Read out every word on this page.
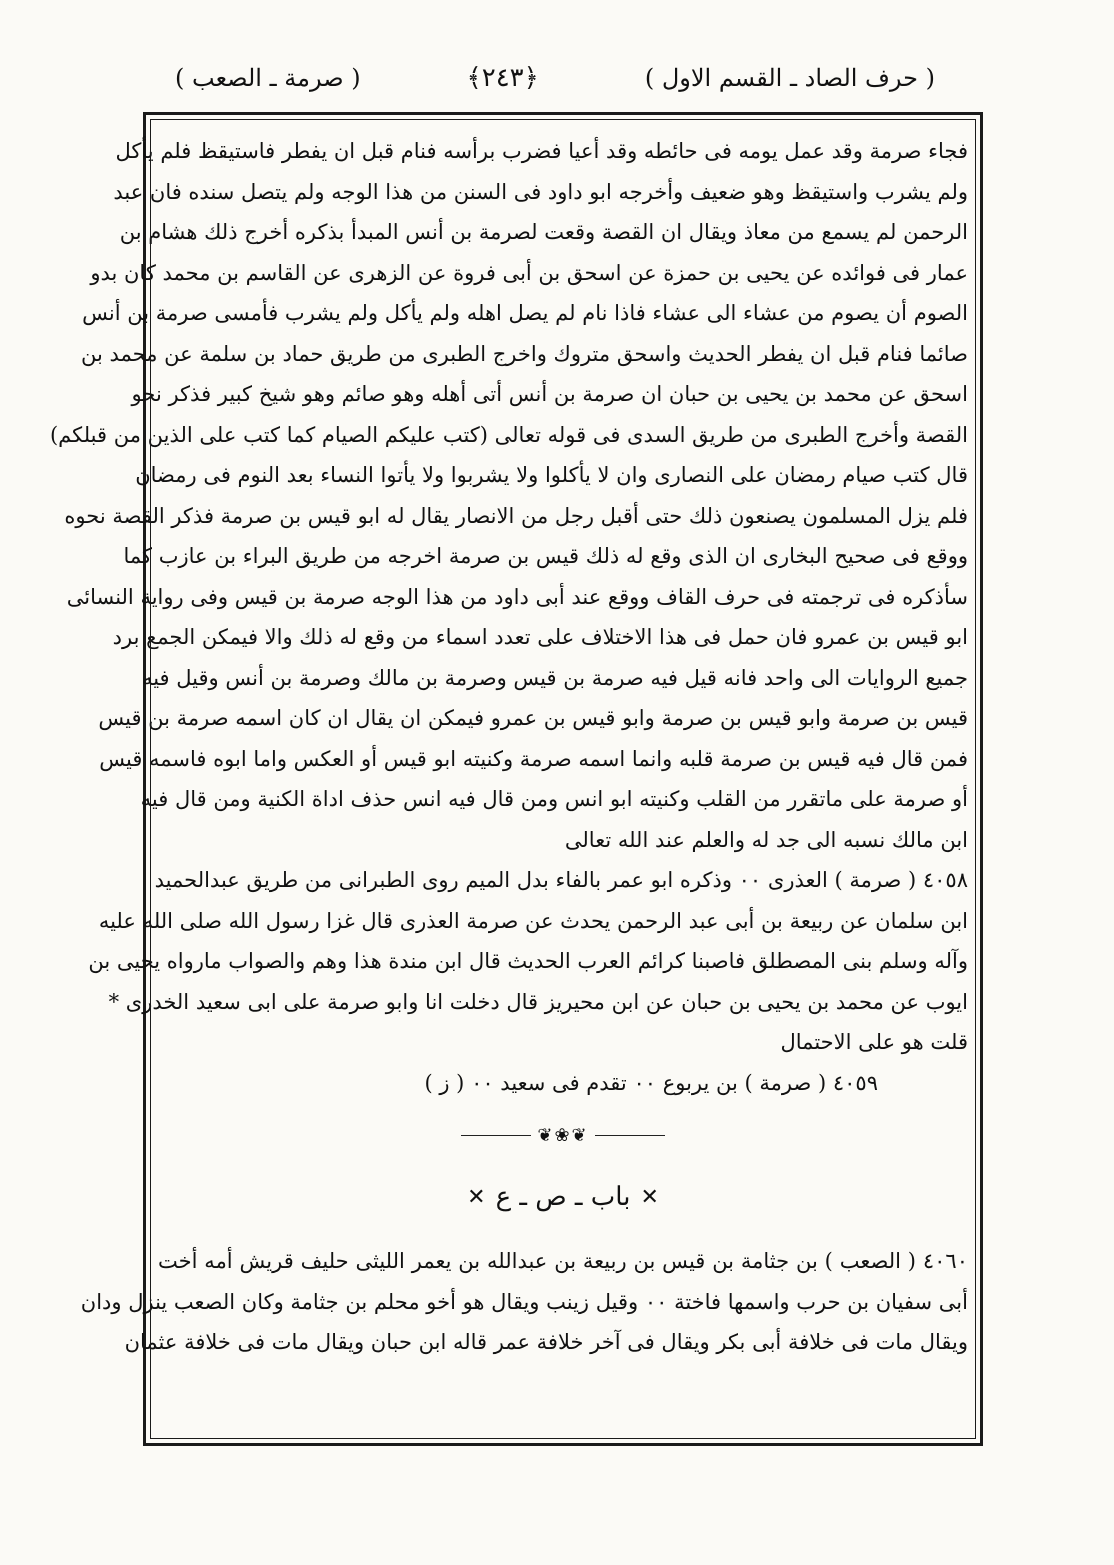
( حرف الصاد ـ القسم الاول )
﴿٢٤٣﴾
( صرمة ـ الصعب )
فجاء صرمة وقد عمل يومه فى حائطه وقد أعيا فضرب برأسه فنام قبل ان يفطر فاستيقظ فلم يأكل
ولم يشرب واستيقظ وهو ضعيف وأخرجه ابو داود فى السنن من هذا الوجه ولم يتصل سنده فان عبد
الرحمن لم يسمع من معاذ ويقال ان القصة وقعت لصرمة بن أنس المبدأ بذكره أخرج ذلك هشام بن
عمار فى فوائده عن يحيى بن حمزة عن اسحق بن أبى فروة عن الزهرى عن القاسم بن محمد كان بدو
الصوم أن يصوم من عشاء الى عشاء فاذا نام لم يصل اهله ولم يأكل ولم يشرب فأمسى صرمة بن أنس
صائما فنام قبل ان يفطر الحديث واسحق متروك واخرج الطبرى من طريق حماد بن سلمة عن محمد بن
اسحق عن محمد بن يحيى بن حبان ان صرمة بن أنس أتى أهله وهو صائم وهو شيخ كبير فذكر نحو
القصة وأخرج الطبرى من طريق السدى فى قوله تعالى (كتب عليكم الصيام كما كتب على الذين من قبلكم)
قال كتب صيام رمضان على النصارى وان لا يأكلوا ولا يشربوا ولا يأتوا النساء بعد النوم فى رمضان
فلم يزل المسلمون يصنعون ذلك حتى أقبل رجل من الانصار يقال له ابو قيس بن صرمة فذكر القصة نحوه
ووقع فى صحيح البخارى ان الذى وقع له ذلك قيس بن صرمة اخرجه من طريق البراء بن عازب كما
سأذكره فى ترجمته فى حرف القاف ووقع عند أبى داود من هذا الوجه صرمة بن قيس وفى رواية النسائى
ابو قيس بن عمرو فان حمل فى هذا الاختلاف على تعدد اسماء من وقع له ذلك والا فيمكن الجمع برد
جميع الروايات الى واحد فانه قيل فيه صرمة بن قيس وصرمة بن مالك وصرمة بن أنس وقيل فيه
قيس بن صرمة وابو قيس بن صرمة وابو قيس بن عمرو فيمكن ان يقال ان كان اسمه صرمة بن قيس
فمن قال فيه قيس بن صرمة قلبه وانما اسمه صرمة وكنيته ابو قيس أو العكس واما ابوه فاسمه قيس
أو صرمة على ماتقرر من القلب وكنيته ابو انس ومن قال فيه انس حذف اداة الكنية ومن قال فيه
ابن مالك نسبه الى جد له والعلم عند الله تعالى
٤٠٥٨ ( صرمة ) العذرى ٠٠ وذكره ابو عمر بالفاء بدل الميم روى الطبرانى من طريق عبدالحميد
ابن سلمان عن ربيعة بن أبى عبد الرحمن يحدث عن صرمة العذرى قال غزا رسول الله صلى الله عليه
وآله وسلم بنى المصطلق فاصبنا كرائم العرب الحديث قال ابن مندة هذا وهم والصواب مارواه يحيى بن
ايوب عن محمد بن يحيى بن حبان عن ابن محيريز قال دخلت انا وابو صرمة على ابى سعيد الخدرى *
قلت هو على الاحتمال
٤٠٥٩ ( صرمة ) بن يربوع ٠٠ تقدم فى سعيد ٠٠ ( ز )
❦❀❦
✕
باب ـ ص ـ ع
✕
٤٠٦٠ ( الصعب ) بن جثامة بن قيس بن ربيعة بن عبدالله بن يعمر الليثى حليف قريش أمه أخت
أبى سفيان بن حرب واسمها فاختة ٠٠ وقيل زينب ويقال هو أخو محلم بن جثامة وكان الصعب ينزل ودان
ويقال مات فى خلافة أبى بكر ويقال فى آخر خلافة عمر قاله ابن حبان ويقال مات فى خلافة عثمان
